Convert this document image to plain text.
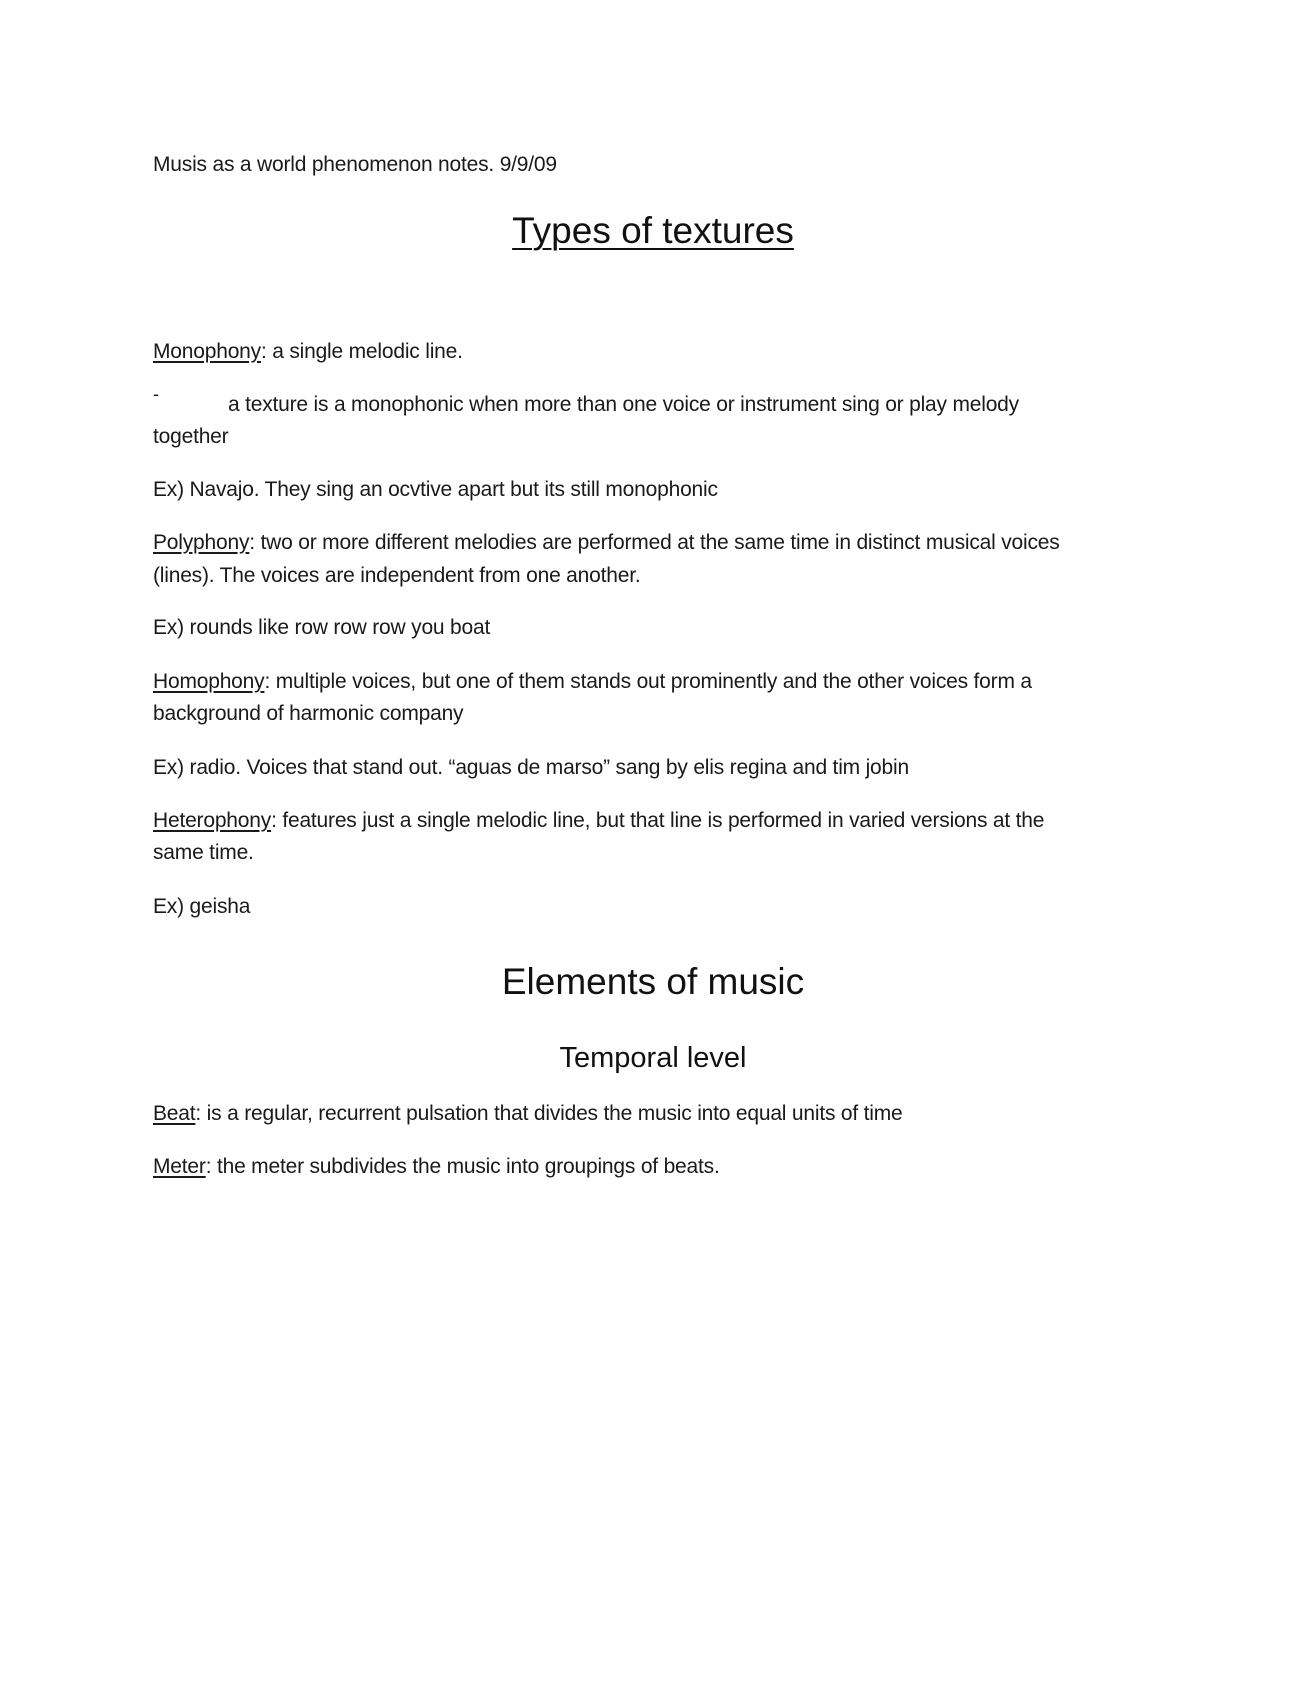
Musis as a world phenomenon notes. 9/9/09
Types of textures
Monophony: a single melodic line.
-	a texture is a monophonic when more than one voice or instrument sing or play melody
together
Ex) Navajo. They sing an ocvtive apart but its still monophonic
Polyphony: two or more different melodies are performed at the same time in distinct musical voices
(lines). The voices are independent from one another.
Ex) rounds like row row row you boat
Homophony: multiple voices, but one of them stands out prominently and the other voices form a
background of harmonic company
Ex) radio. Voices that stand out. “aguas de marso” sang by elis regina and tim jobin
Heterophony: features just a single melodic line, but that line is performed in varied versions at the
same time.
Ex) geisha
Elements of music
Temporal level
Beat: is a regular, recurrent pulsation that divides the music into equal units of time
Meter: the meter subdivides the music into groupings of beats.
